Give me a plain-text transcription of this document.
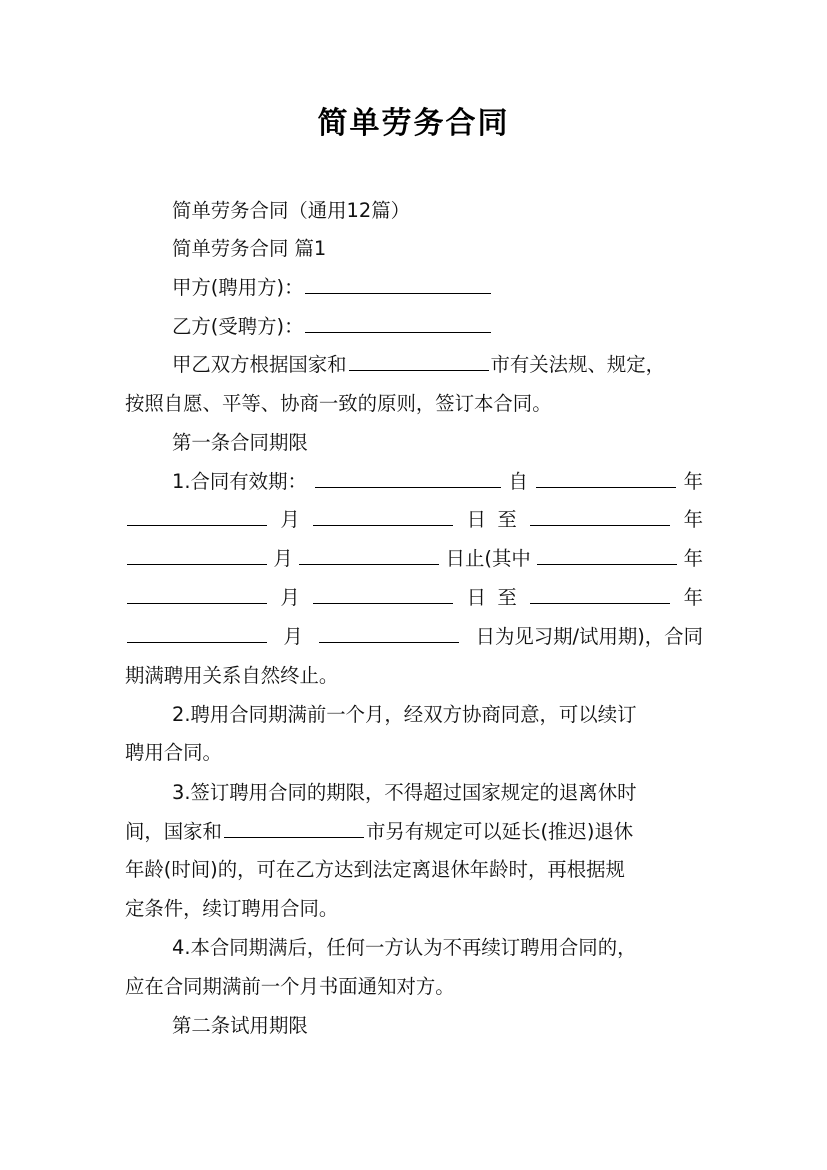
简单劳务合同
简单劳务合同（通用12篇）
简单劳务合同 篇1
甲方(聘用方)：
乙方(受聘方)：
甲乙双方根据国家和	市有关法规、规定，
按照自愿、平等、协商一致的原则，签订本合同。
第一条合同期限
1.合同有效期：	自	年
月	日 至	年
月	日止(其中	年
月	日 至	年
月	日为见习期/试用期)，合同
期满聘用关系自然终止。
2.聘用合同期满前一个月，经双方协商同意，可以续订
聘用合同。
3.签订聘用合同的期限，不得超过国家规定的退离休时
间，国家和	市另有规定可以延长(推迟)退休
年龄(时间)的，可在乙方达到法定离退休年龄时，再根据规
定条件，续订聘用合同。
4.本合同期满后，任何一方认为不再续订聘用合同的，
应在合同期满前一个月书面通知对方。
第二条试用期限
